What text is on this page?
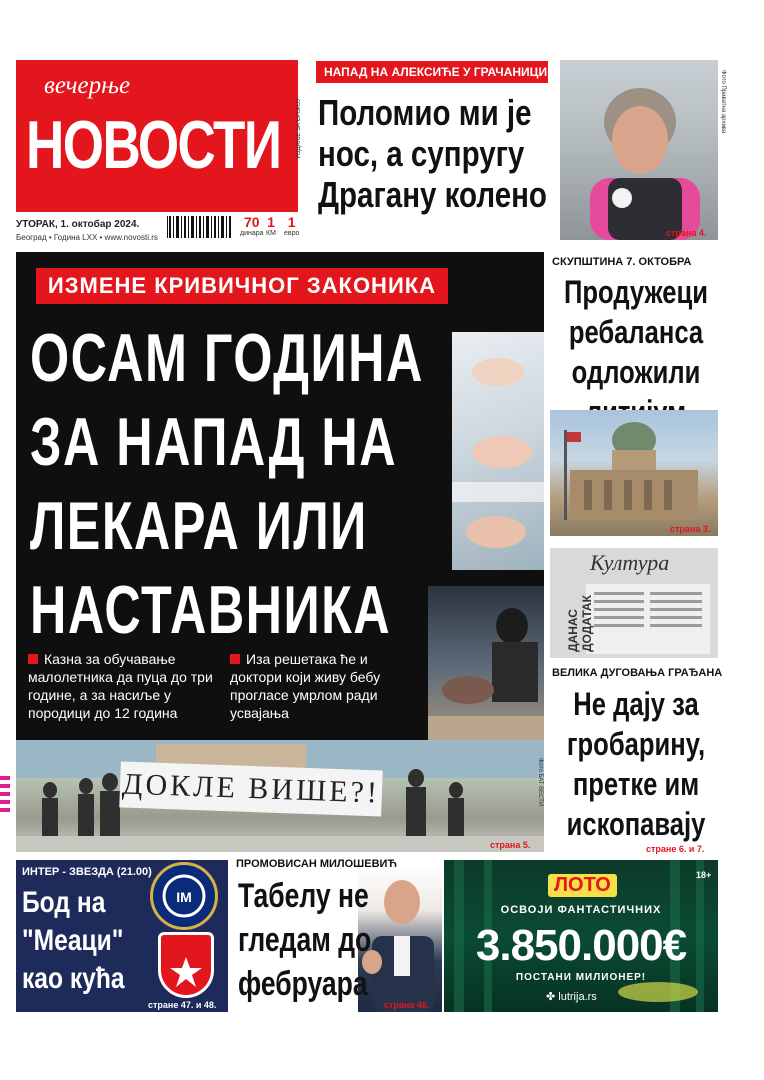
вечерње
НОВОСТИ	ИЗДАЊЕ ЗА СРБИЈУ
УТОРАК, 1. октобар 2024.
Београд • Година LXX • www.novosti.rs
70
динара
1
КМ
1
евро
НАПАД НА АЛЕКСИЋЕ У ГРАЧАНИЦИ	Фото Приватна архива
Поломио ми је нос, а супругу Драгану колено
страна 4.
ИЗМЕНЕ КРИВИЧНОГ ЗАКОНИКА
ОСАМ ГОДИНА ЗА НАПАД НА ЛЕКАРА ИЛИ НАСТАВНИКА
Казна за обучавање малолетника да пуца до три године, а за насиље у породици до 12 година
Иза решетака ће и доктори који живу бебу прогласе умрлом ради усвајања
ДОКЛЕ ВИШЕ?!	Фото БАТ ВЕСТИ
страна 5.
СКУПШТИНА 7. ОКТОБРА
Продужеци ребаланса одложили
страна 3.
Култура
ДАНАС ДОДАТАК
ВЕЛИКА ДУГОВАЊА ГРАЂАНА
Не дају за гробарину, претке им ископавају
стране 6. и 7.
IM
ИНТЕР - ЗВЕЗДА (21.00)
Бод на "Меаци" као кућа
стране 47. и 48.
ПРОМОВИСАН МИЛОШЕВИЋ
Табелу не гледам до фебруара
страна 46.
ЛОТО	18+
ОСВОЈИ ФАНТАСТИЧНИХ
3.850.000€
ПОСТАНИ МИЛИОНЕР!
✤ lutrija.rs
